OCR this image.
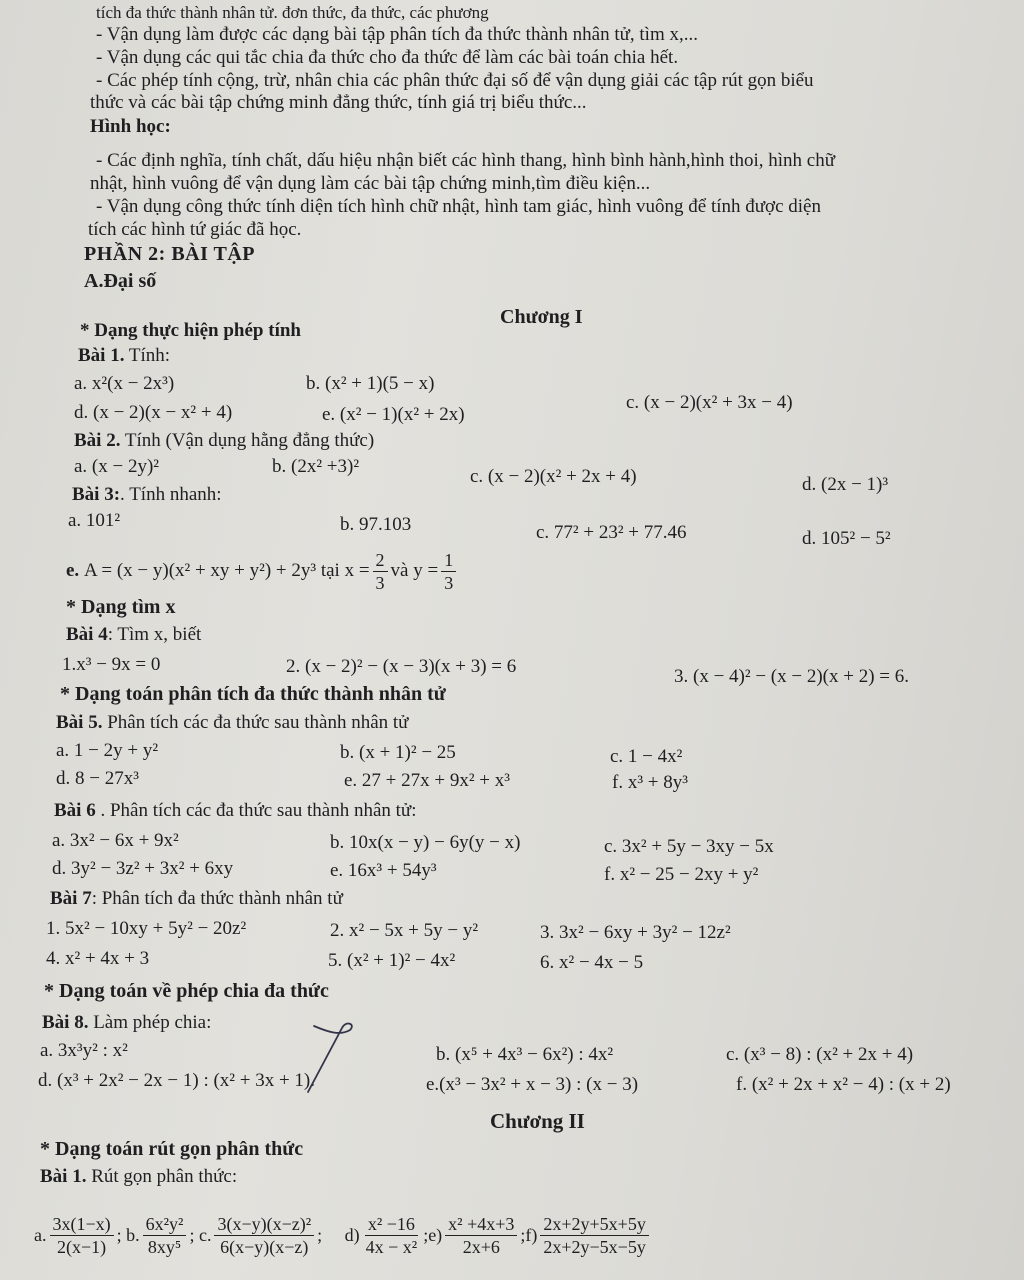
tích đa thức thành nhân tử. đơn thức, đa thức, các phương
- Vận dụng làm được các dạng bài tập phân tích đa thức thành nhân tử, tìm x,...
- Vận dụng các qui tắc chia đa thức cho đa thức để làm các bài toán chia hết.
- Các phép tính cộng, trừ, nhân chia các phân thức đại số để vận dụng giải các tập rút gọn biểu
thức và các bài tập chứng minh đẳng thức, tính giá trị biểu thức...
Hình học:
- Các định nghĩa, tính chất, dấu hiệu nhận biết các hình thang, hình bình hành,hình thoi, hình chữ
nhật, hình vuông để vận dụng làm các bài tập chứng minh,tìm điều kiện...
- Vận dụng công thức tính diện tích hình chữ nhật, hình tam giác, hình vuông để tính được diện
tích các hình tứ giác đã học.
PHẦN 2: BÀI TẬP
A.Đại số
Chương I
* Dạng thực hiện phép tính
Bài 1. Tính:
a. x²(x − 2x³)	b. (x² + 1)(5 − x)
c. (x − 2)(x² + 3x − 4)
d. (x − 2)(x − x² + 4)	e. (x² − 1)(x² + 2x)
Bài 2. Tính (Vận dụng hằng đẳng thức)
a. (x − 2y)²	b. (2x² +3)²	c. (x − 2)(x² + 2x + 4)	d. (2x − 1)³
Bài 3:. Tính nhanh:
a. 101²	b. 97.103	c. 77² + 23² + 77.46	d. 105² − 5²
e.
A = (x − y)(x² + xy + y²) + 2y³ tại $x = \frac{2}{3}$ và $y = \frac{1}{3}$
* Dạng tìm x
Bài 4: Tìm x, biết
1.x³ − 9x = 0	2. (x − 2)² − (x − 3)(x + 3) = 6	3. (x − 4)² − (x − 2)(x + 2) = 6.
* Dạng toán phân tích đa thức thành nhân tử
Bài 5. Phân tích các đa thức sau thành nhân tử
a. 1 − 2y + y²	b. (x + 1)² − 25	c. 1 − 4x²
d. 8 − 27x³	e. 27 + 27x + 9x² + x³	f. x³ + 8y³
Bài 6 . Phân tích các đa thức sau thành nhân tử:
a. 3x² − 6x + 9x²	b. 10x(x − y) − 6y(y − x)	c. 3x² + 5y − 3xy − 5x
d. 3y² − 3z² + 3x² + 6xy	e. 16x³ + 54y³	f. x² − 25 − 2xy + y²
Bài 7: Phân tích đa thức thành nhân tử
1. 5x² − 10xy + 5y² − 20z²	2. x² − 5x + 5y − y²	3. 3x² − 6xy + 3y² − 12z²
4. x² + 4x + 3	5. (x² + 1)² − 4x²	6. x² − 4x − 5
* Dạng toán về phép chia đa thức
Bài 8. Làm phép chia:
a. 3x³y² : x²	b. (x⁵ + 4x³ − 6x²) : 4x²	c. (x³ − 8) : (x² + 2x + 4)
d. (x³ + 2x² − 2x − 1) : (x² + 3x + 1).	e.(x³ − 3x² + x − 3) : (x − 3)	f. (x² + 2x + x² − 4) : (x + 2)
Chương II
* Dạng toán rút gọn phân thức
Bài 1. Rút gọn phân thức:
a. $\frac{3x(1-x)}{2(x-1)}$ ; b. $\frac{\text{6x²y²}}{\text{8xy⁵}}$ ; c. $\frac{\text{3(x−y)(x−z)²}}{6(x-y)(x-z)}$ ;     $d) \frac{\text{x² −16}}{\text{4x − x²}}$ ;e) $\frac{\text{x² +4x+3}}{2x+6}$ ;f) $\frac{2x+2y+5x+5y}{2x+2y-5x-5y}$
